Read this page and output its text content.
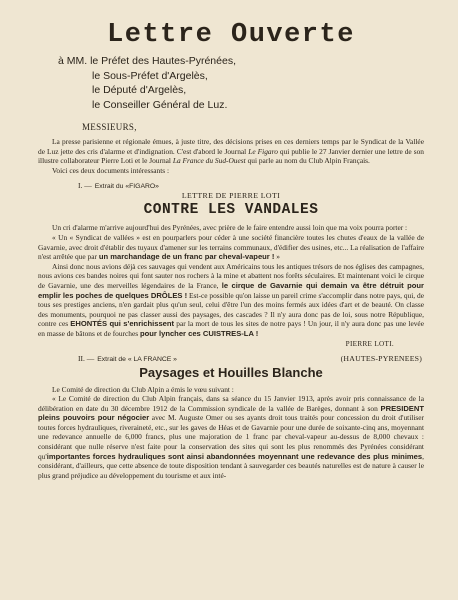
Lettre Ouverte
à MM. le Préfet des Hautes-Pyrénées,
le Sous-Préfet d'Argelès,
le Député d'Argelès,
le Conseiller Général de Luz.
MESSIEURS,

La presse parisienne et régionale émues, à juste titre, des décisions prises en ces derniers temps par le Syndicat de la Vallée de Luz jette des cris d'alarme et d'indignation. C'est d'abord le Journal Le Figaro qui publie le 27 Janvier dernier une lettre de son illustre collaborateur Pierre Loti et le Journal La France du Sud-Ouest qui parle au nom du Club Alpin Français.

Voici ces deux documents intéressants :

I. — Extrait du «FIGARO»
LETTRE DE PIERRE LOTI
CONTRE LES VANDALES

Un cri d'alarme m'arrive aujourd'hui des Pyrénées, avec prière de le faire entendre aussi loin que ma voix pourra porter :

« Un « Syndicat de vallées » est en pourparlers pour céder à une société financière toutes les chutes d'eaux de la vallée de Gavarnie, avec droit d'établir des tuyaux d'amener sur les terrains communaux, d'édifier des usines, etc... La réalisation de l'affaire n'est arrêtée que par un marchandage de un franc par cheval-vapeur ! »

Ainsi donc nous avions déjà ces sauvages qui vendent aux Américains tous les antiques trésors de nos églises des campagnes, nous avions ces bandes noires qui font sauter nos rochers à la mine et abattent nos forêts séculaires. Et maintenant voici le cirque de Gavarnie, une des merveilles légendaires de la France, le cirque de Gavarnie qui demain va être détruit pour emplir les poches de quelques DRÔLES ! Est-ce possible qu'on laisse un pareil crime s'accomplir dans notre pays, qui, de tous ses prestiges anciens, n'en gardait plus qu'un seul, celui d'être l'un des moins fermés aux idées d'art et de beauté. On classe des monuments, pourquoi ne pas classer aussi des paysages, des cascades ? Il n'y aura donc pas de loi, sous notre République, contre ces EHONTÉS qui s'enrichissent par la mort de tous les sites de notre pays ! Un jour, il n'y aura donc pas une levée en masse de bâtons et de fourches pour lyncher ces CUISTRES-LA !

PIERRE LOTI.
II. — Extrait de « LA FRANCE »	(HAUTES-PYRENEES)
Paysages et Houilles Blanche

Le Comité de direction du Club Alpin a émis le vœu suivant :

« Le Comité de direction du Club Alpin français, dans sa séance du 15 Janvier 1913, après avoir pris connaissance de la délibération en date du 30 décembre 1912 de la Commission syndicale de la vallée de Barèges, donnant à son PRESIDENT pleins pouvoirs pour négocier avec M. Auguste Omer ou ses ayants droit tous traités pour concession du droit d'utiliser toutes forces hydrauliques, riveraineté, etc., sur les gaves de Héas et de Gavarnie pour une durée de soixante-cinq ans, moyennant une redevance annuelle de 6,000 francs, plus une majoration de 1 franc par cheval-vapeur au-dessus de 8,000 chevaux : considérant que nulle réserve n'est faite pour la conservation des sites qui sont les plus renommés des Pyrénées considérant qu'importantes forces hydrauliques sont ainsi abandonnées moyennant une redevance des plus minimes, considérant, d'ailleurs, que cette absence de toute disposition tendant à sauvegarder ces beautés naturelles est de nature à causer le plus grand préjudice au développement du tourisme et aux inté-
